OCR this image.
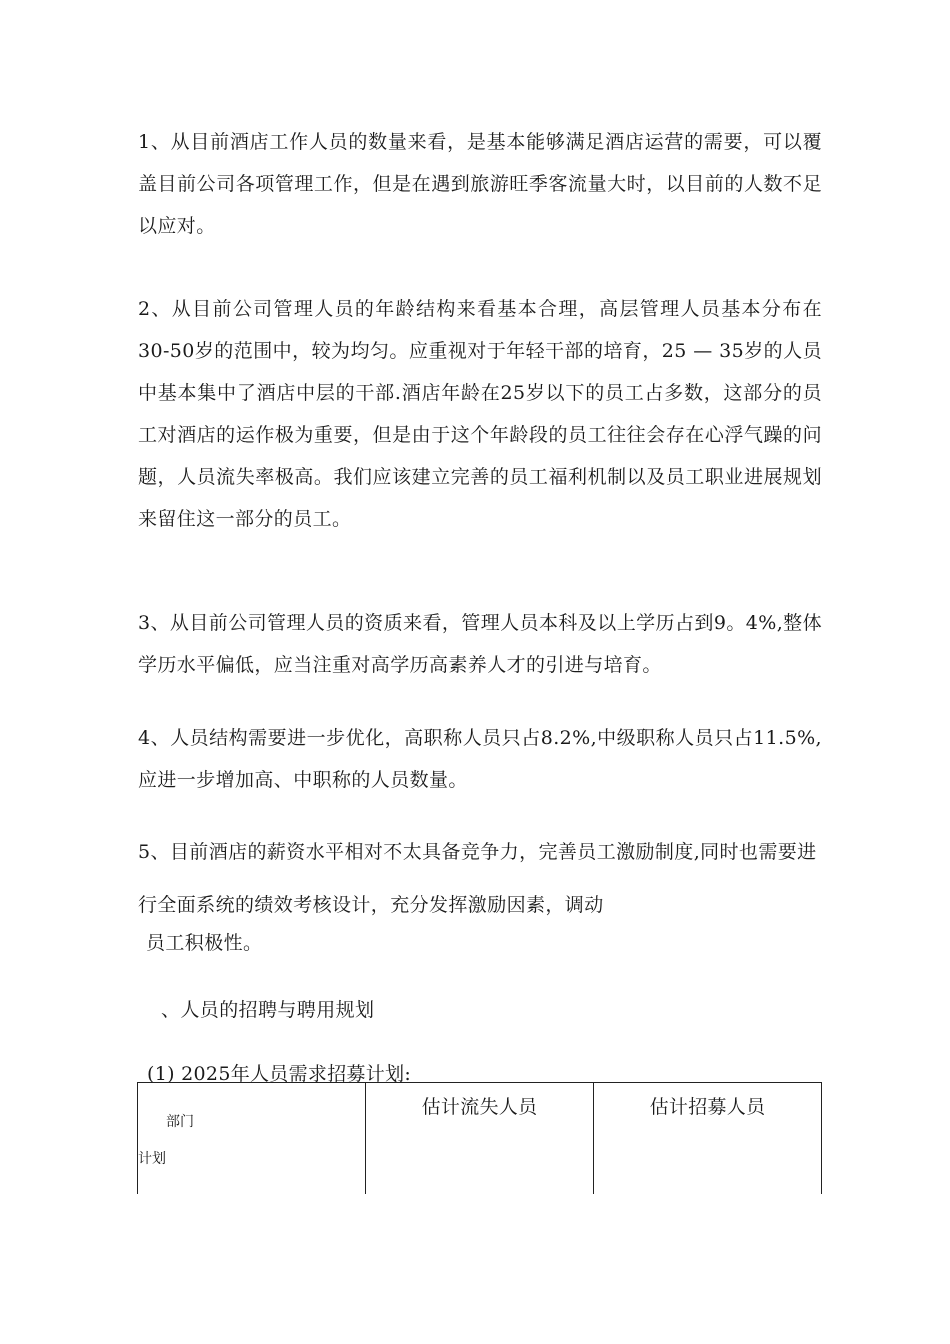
1、从目前酒店工作人员的数量来看，是基本能够满足酒店运营的需要，可以覆盖目前公司各项管理工作，但是在遇到旅游旺季客流量大时，以目前的人数不足以应对。

2、从目前公司管理人员的年龄结构来看基本合理，高层管理人员基本分布在30-50岁的范围中，较为均匀。应重视对于年轻干部的培育，25 — 35岁的人员中基本集中了酒店中层的干部.酒店年龄在25岁以下的员工占多数，这部分的员工对酒店的运作极为重要，但是由于这个年龄段的员工往往会存在心浮气躁的问题，人员流失率极高。我们应该建立完善的员工福利机制以及员工职业进展规划来留住这一部分的员工。

3、从目前公司管理人员的资质来看，管理人员本科及以上学历占到9。4%,整体学历水平偏低，应当注重对高学历高素养人才的引进与培育。

4、人员结构需要进一步优化，高职称人员只占8.2%,中级职称人员只占11.5%,应进一步增加高、中职称的人员数量。

5、目前酒店的薪资水平相对不太具备竞争力，完善员工激励制度,同时也需要进

行全面系统的绩效考核设计，充分发挥激励因素，调动

员工积极性。

、人员的招聘与聘用规划

(1) 2025年人员需求招募计划:

部门
计划

估计流失人员	估计招募人员
